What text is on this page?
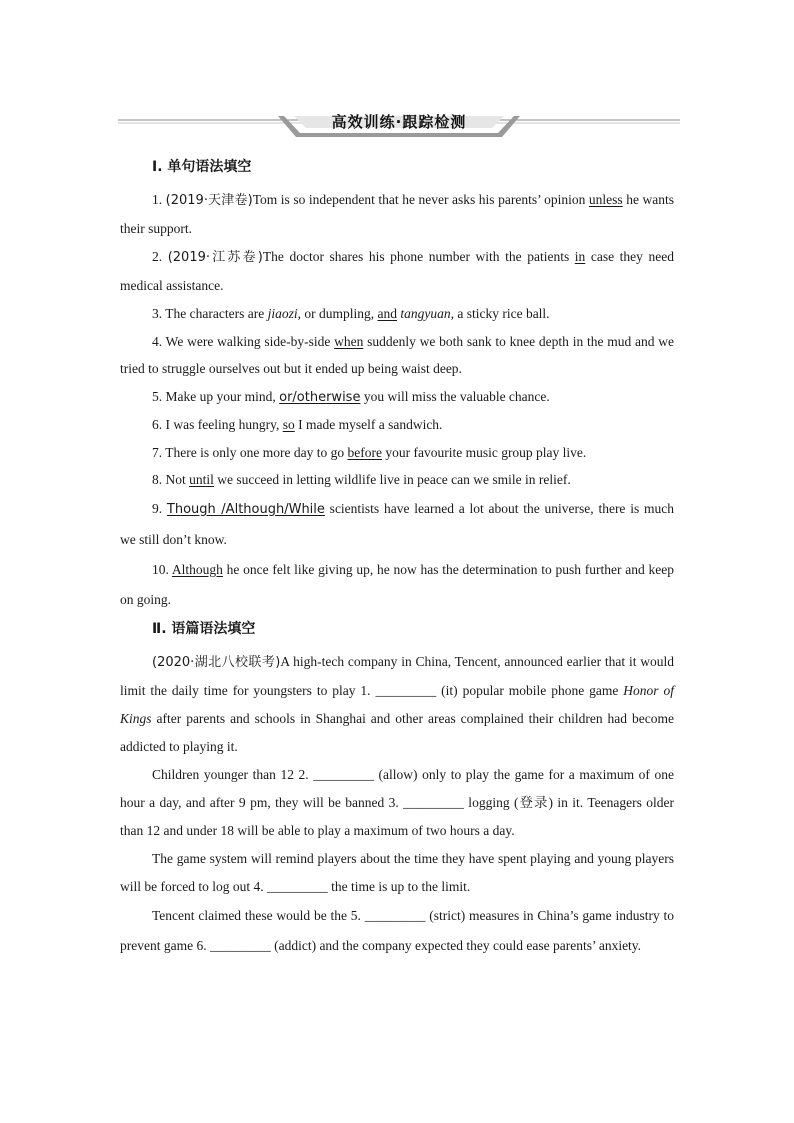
高效训练·跟踪检测
Ⅰ. 单句语法填空

1. (2019·天津卷)Tom is so independent that he never asks his parents’ opinion unless he wants their support.

2. (2019·江苏卷)The doctor shares his phone number with the patients in case they need medical assistance.

3. The characters are jiaozi, or dumpling, and tangyuan, a sticky rice ball.

4. We were walking side-by-side when suddenly we both sank to knee depth in the mud and we tried to struggle ourselves out but it ended up being waist deep.

5. Make up your mind, or/otherwise you will miss the valuable chance.

6. I was feeling hungry, so I made myself a sandwich.

7. There is only one more day to go before your favourite music group play live.

8. Not until we succeed in letting wildlife live in peace can we smile in relief.

9. Though /Although/While scientists have learned a lot about the universe, there is much we still don’t know.

10. Although he once felt like giving up, he now has the determination to push further and keep on going.

Ⅱ. 语篇语法填空

(2020·湖北八校联考)A high-tech company in China, Tencent, announced earlier that it would limit the daily time for youngsters to play 1. _________ (it) popular mobile phone game Honor of Kings after parents and schools in Shanghai and other areas complained their children had become addicted to playing it.

Children younger than 12 2. _________ (allow) only to play the game for a maximum of one hour a day, and after 9 pm, they will be banned 3. _________ logging (登录) in it. Teenagers older than 12 and under 18 will be able to play a maximum of two hours a day.

The game system will remind players about the time they have spent playing and young players will be forced to log out 4. _________ the time is up to the limit.

Tencent claimed these would be the 5. _________ (strict) measures in China’s game industry to prevent game 6. _________ (addict) and the company expected they could ease parents’ anxiety.
